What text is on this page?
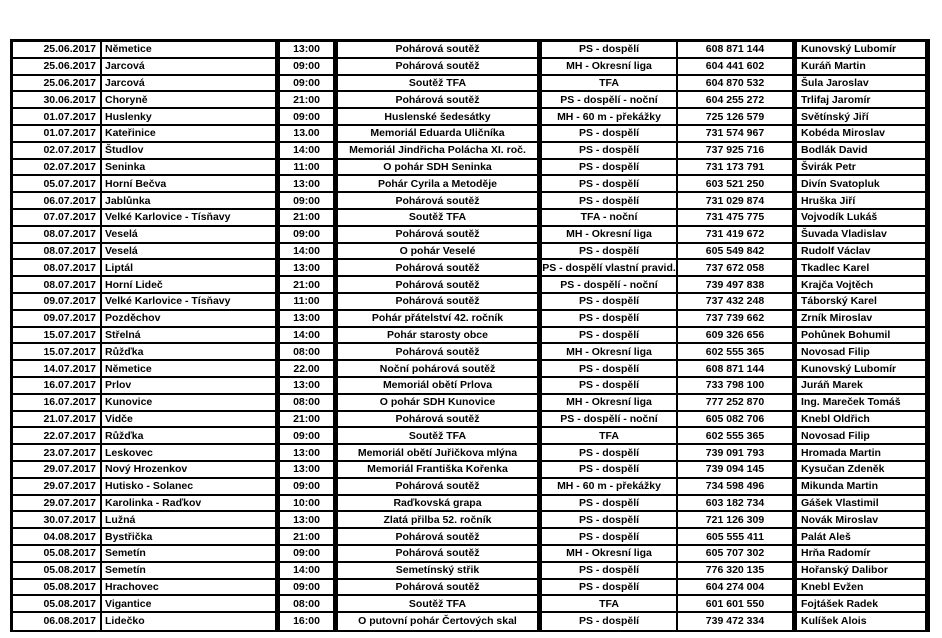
25.06.2017 Němetice	13:00	Pohárová soutěž	PS - dospělí	608 871 144	Kunovský Lubomír
25.06.2017 Jarcová	09:00	Pohárová soutěž	MH - Okresní liga	604 441 602	Kuráň Martin
25.06.2017 Jarcová	09:00	Soutěž TFA	TFA	604 870 532	Šula Jaroslav
30.06.2017 Choryně	21:00	Pohárová soutěž	PS - dospělí - noční	604 255 272	Trlifaj Jaromír
01.07.2017 Huslenky	09:00	Huslenské šedesátky	MH - 60 m - překážky	725 126 579	Světínský Jiří
01.07.2017 Kateřinice	13.00	Memoriál Eduarda Uličníka	PS - dospělí	731 574 967	Kobéda Miroslav
02.07.2017 Študlov	14:00	Memoriál Jindřicha Polácha XI. roč.	PS - dospělí	737 925 716	Bodlák David
02.07.2017 Seninka	11:00	O pohár SDH Seninka	PS - dospělí	731 173 791	Švirák Petr
05.07.2017 Horní Bečva	13:00	Pohár Cyrila a Metoděje	PS - dospělí	603 521 250	Divín Svatopluk
06.07.2017 Jablůnka	09:00	Pohárová soutěž	PS - dospělí	731 029 874	Hruška Jiří
07.07.2017 Velké Karlovice - Tísňavy	21:00	Soutěž TFA	TFA - noční	731 475 775	Vojvodík Lukáš
08.07.2017 Veselá	09:00	Pohárová soutěž	MH - Okresní liga	731 419 672	Šuvada Vladislav
08.07.2017 Veselá	14:00	O pohár Veselé	PS - dospělí	605 549 842	Rudolf Václav
08.07.2017 Liptál	13:00	Pohárová soutěž	PS - dospělí vlastní pravid.	737 672 058	Tkadlec Karel
08.07.2017 Horní Lideč	21:00	Pohárová soutěž	PS - dospělí - noční	739 497 838	Krajča Vojtěch
09.07.2017 Velké Karlovice - Tísňavy	11:00	Pohárová soutěž	PS - dospělí	737 432 248	Táborský Karel
09.07.2017 Pozděchov	13:00	Pohár přátelství 42. ročník	PS - dospělí	737 739 662	Zrník Miroslav
15.07.2017 Střelná	14:00	Pohár starosty obce	PS - dospělí	609 326 656	Pohůnek Bohumil
15.07.2017 Růžďka	08:00	Pohárová soutěž	MH - Okresní liga	602 555 365	Novosad Filip
14.07.2017 Němetice	22.00	Noční pohárová soutěž	PS - dospělí	608 871 144	Kunovský Lubomír
16.07.2017 Prlov	13:00	Memoriál obětí Prlova	PS - dospělí	733 798 100	Juráň Marek
16.07.2017 Kunovice	08:00	O pohár SDH Kunovice	MH - Okresní liga	777 252 870	Ing. Mareček Tomáš
21.07.2017 Vidče	21:00	Pohárová soutěž	PS - dospělí - noční	605 082 706	Knebl Oldřich
22.07.2017 Růžďka	09:00	Soutěž TFA	TFA	602 555 365	Novosad Filip
23.07.2017 Leskovec	13:00	Memoriál obětí Juřičkova mlýna	PS - dospělí	739 091 793	Hromada Martin
29.07.2017 Nový Hrozenkov	13:00	Memoriál Františka Kořenka	PS - dospělí	739 094 145	Kysučan Zdeněk
29.07.2017 Hutisko - Solanec	09:00	Pohárová soutěž	MH - 60 m - překážky	734 598 496	Mikunda Martin
29.07.2017 Karolinka - Raďkov	10:00	Raďkovská grapa	PS - dospělí	603 182 734	Gášek Vlastimil
30.07.2017 Lužná	13:00	Zlatá přilba 52. ročník	PS - dospělí	721 126 309	Novák Miroslav
04.08.2017 Bystřička	21:00	Pohárová soutěž	PS - dospělí	605 555 411	Palát Aleš
05.08.2017 Semetín	09:00	Pohárová soutěž	MH - Okresní liga	605 707 302	Hrňa Radomír
05.08.2017 Semetín	14:00	Semetínský střik	PS - dospělí	776 320 135	Hořanský Dalibor
05.08.2017 Hrachovec	09:00	Pohárová soutěž	PS - dospělí	604 274 004	Knebl Evžen
05.08.2017 Vigantice	08:00	Soutěž TFA	TFA	601 601 550	Fojtášek Radek
06.08.2017 Lidečko	16:00	O putovní pohár Čertových skal	PS - dospělí	739 472 334	Kulíšek Alois
